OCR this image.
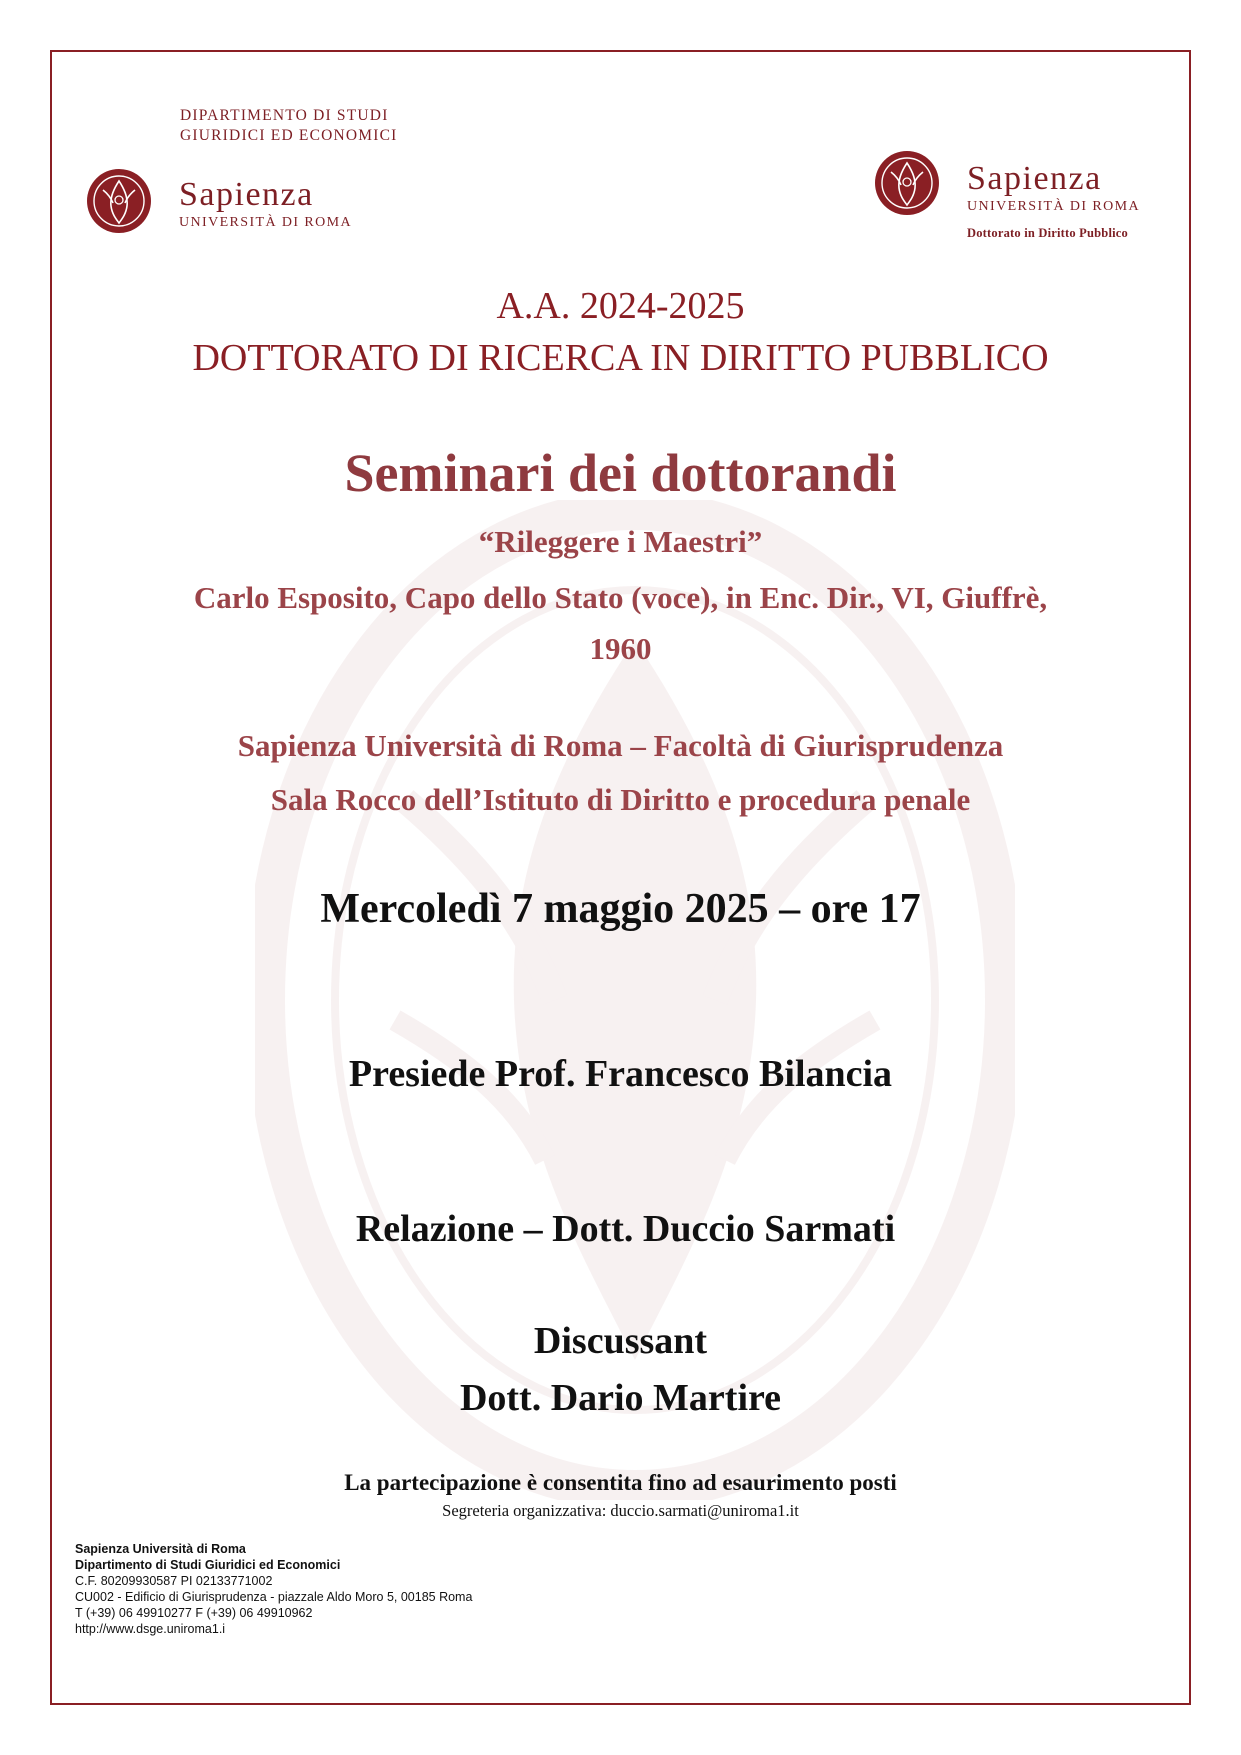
DIPARTIMENTO DI STUDI
GIURIDICI ED ECONOMICI
Sapienza
UNIVERSITÀ DI ROMA
Sapienza
UNIVERSITÀ DI ROMA
Dottorato in Diritto Pubblico
A.A. 2024-2025
DOTTORATO DI RICERCA IN DIRITTO PUBBLICO
Seminari dei dottorandi
“Rileggere i Maestri”
Carlo Esposito, Capo dello Stato (voce), in Enc. Dir., VI, Giuffrè,
1960
Sapienza Università di Roma – Facoltà di Giurisprudenza
Sala Rocco dell’Istituto di Diritto e procedura penale
Mercoledì 7 maggio 2025 – ore 17
Presiede Prof. Francesco Bilancia
Relazione – Dott. Duccio Sarmati
Discussant
Dott. Dario Martire
La partecipazione è consentita fino ad esaurimento posti
Segreteria organizzativa: duccio.sarmati@uniroma1.it
Sapienza Università di Roma
Dipartimento di Studi Giuridici ed Economici
C.F. 80209930587 PI 02133771002
CU002 - Edificio di Giurisprudenza - piazzale Aldo Moro 5, 00185 Roma
T (+39) 06 49910277 F (+39) 06 49910962
http://www.dsge.uniroma1.i
